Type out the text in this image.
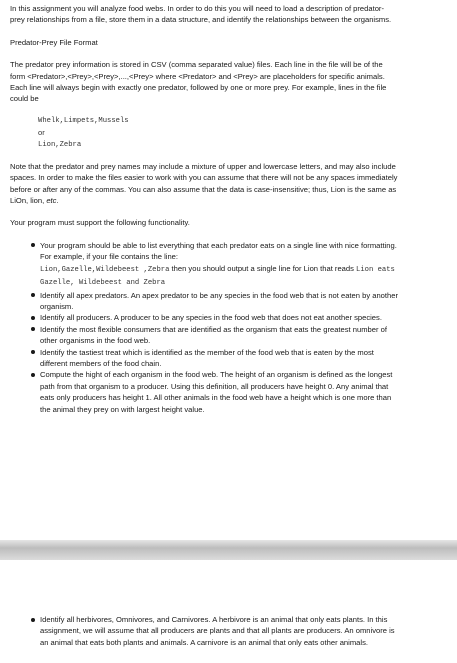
In this assignment you will analyze food webs. In order to do this you will need to load a description of predator-prey relationships from a file, store them in a data structure, and identify the relationships between the organisms.

Predator-Prey File Format

The predator prey information is stored in CSV (comma separated value) files. Each line in the file will be of the form <Predator>,<Prey>,<Prey>,...,<Prey> where <Predator> and <Prey> are placeholders for specific animals. Each line will always begin with exactly one predator, followed by one or more prey. For example, lines in the file could be

Whelk,Limpets,Mussels
or
Lion,Zebra

Note that the predator and prey names may include a mixture of upper and lowercase letters, and may also include spaces. In order to make the files easier to work with you can assume that there will not be any spaces immediately before or after any of the commas. You can also assume that the data is case-insensitive; thus, Lion is the same as LiOn, lion, etc.

Your program must support the following functionality.

Your program should be able to list everything that each predator eats on a single line with nice formatting. For example, if your file contains the line:
Lion,Gazelle,Wildebeest ,Zebra then you should output a single line for Lion that reads Lion eats Gazelle, Wildebeest and Zebra
Identify all apex predators. An apex predator to be any species in the food web that is not eaten by another organism.
Identify all producers. A producer to be any species in the food web that does not eat another species.
Identify the most flexible consumers that are identified as the organism that eats the greatest number of other organisms in the food web.
Identify the tastiest treat which is identified as the member of the food web that is eaten by the most different members of the food chain.
Compute the hight of each organism in the food web. The height of an organism is defined as the longest path from that organism to a producer. Using this definition, all producers have height 0. Any animal that eats only producers has height 1. All other animals in the food web have a height which is one more than the animal they prey on with largest height value.
Identify all herbivores, Omnivores, and Carnivores. A herbivore is an animal that only eats plants. In this assignment, we will assume that all producers are plants and that all plants are producers. An omnivore is an animal that eats both plants and animals. A carnivore is an animal that only eats other animals.
